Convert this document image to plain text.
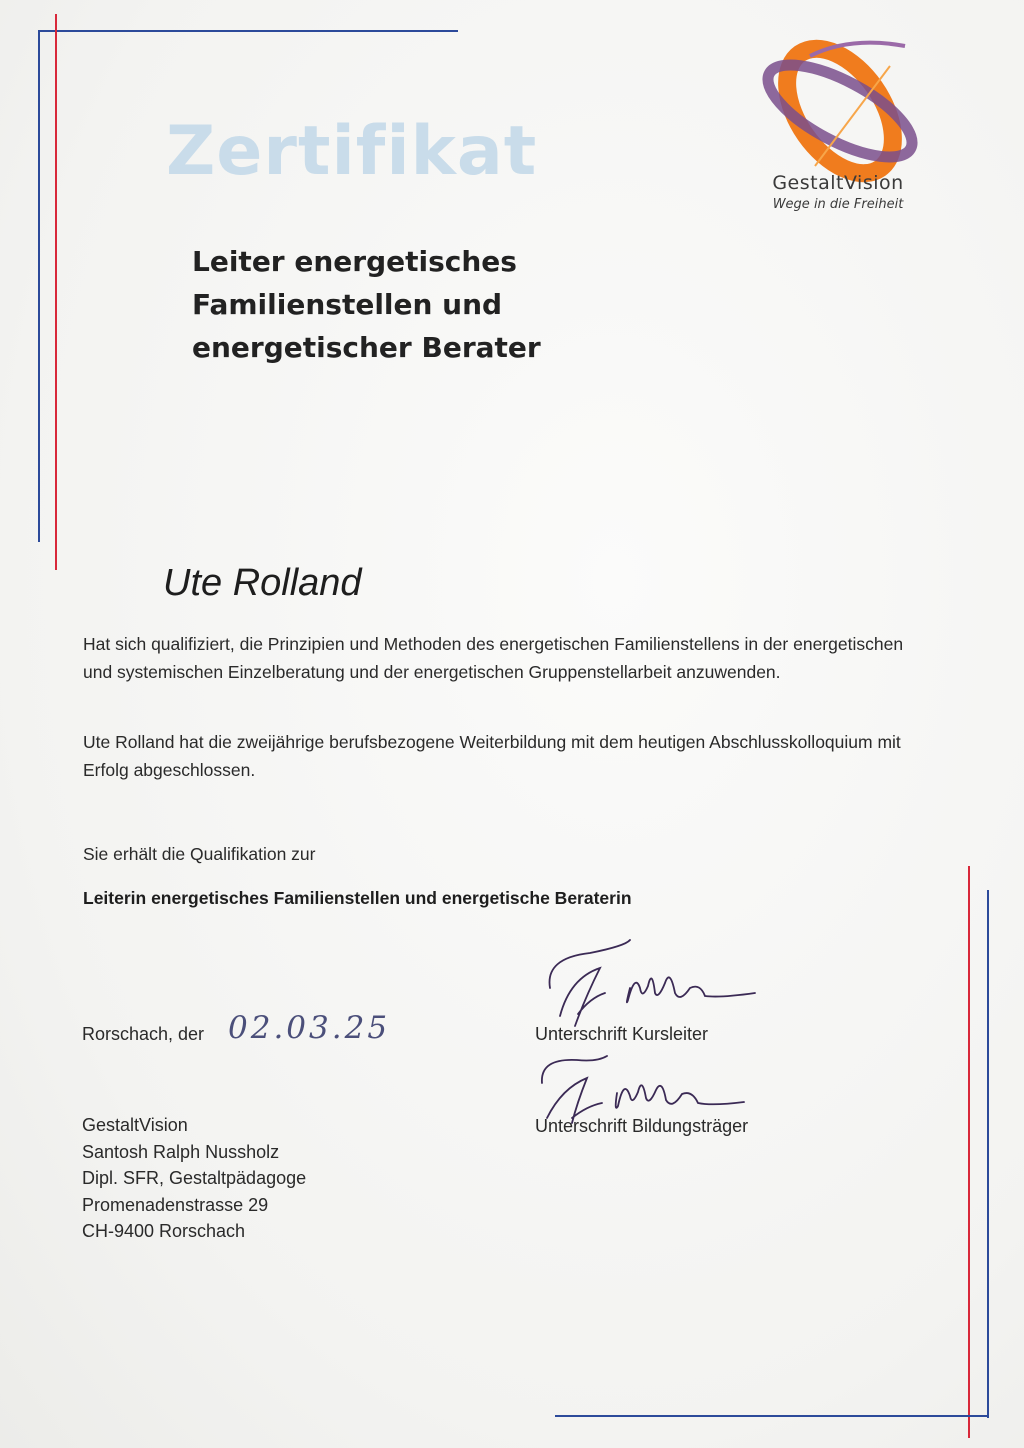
GestaltVision
Wege in die Freiheit
Zertifikat
Leiter energetisches
Familienstellen und
energetischer Berater
Ute Rolland
Hat sich qualifiziert, die Prinzipien und Methoden des energetischen Familienstellens in der energetischen und systemischen Einzelberatung und der energetischen Gruppenstellarbeit anzuwenden.
Ute Rolland hat die zweijährige berufsbezogene Weiterbildung mit dem heutigen Abschlusskolloquium mit Erfolg abgeschlossen.
Sie erhält die Qualifikation zur
Leiterin energetisches Familienstellen und energetische Beraterin
Rorschach, der 02.03.25	Unterschrift Kursleiter
Unterschrift Bildungsträger
GestaltVision
Santosh Ralph Nussholz
Dipl. SFR, Gestaltpädagoge
Promenadenstrasse 29
CH-9400 Rorschach
